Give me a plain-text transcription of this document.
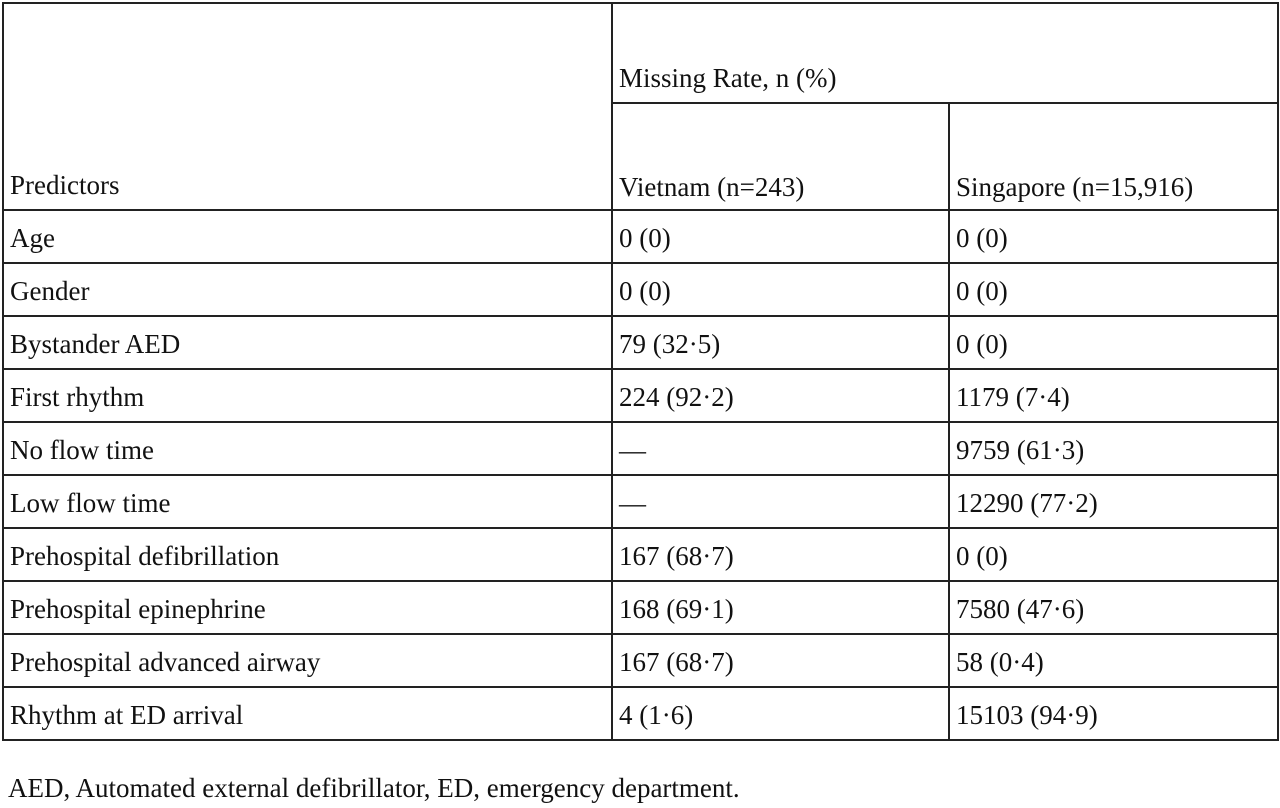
Predictors	Missing Rate, n (%)	
	Vietnam (n=243)	Singapore (n=15,916)
Age	0 (0)	0 (0)
Gender	0 (0)	0 (0)
Bystander AED	79 (32·5)	0 (0)
First rhythm	224 (92·2)	1179 (7·4)
No flow time	—	9759 (61·3)
Low flow time	—	12290 (77·2)
Prehospital defibrillation	167 (68·7)	0 (0)
Prehospital epinephrine	168 (69·1)	7580 (47·6)
Prehospital advanced airway	167 (68·7)	58 (0·4)
Rhythm at ED arrival	4 (1·6)	15103 (94·9)
AED, Automated external defibrillator, ED, emergency department.
